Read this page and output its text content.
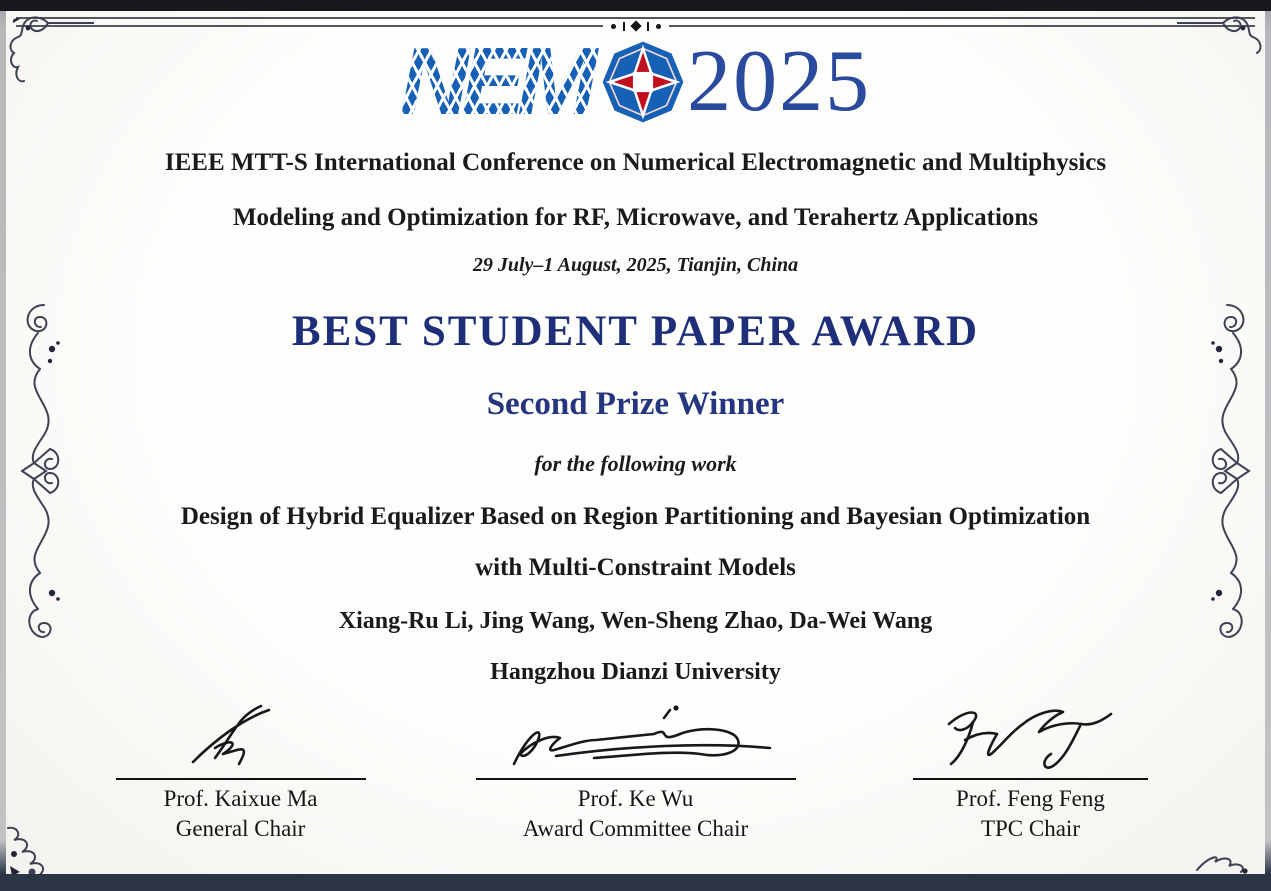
NEM 2025
IEEE MTT-S International Conference on Numerical Electromagnetic and Multiphysics
Modeling and Optimization for RF, Microwave, and Terahertz Applications
29 July–1 August, 2025, Tianjin, China
BEST STUDENT PAPER AWARD
Second Prize Winner
for the following work
Design of Hybrid Equalizer Based on Region Partitioning and Bayesian Optimization
with Multi-Constraint Models
Xiang-Ru Li, Jing Wang, Wen-Sheng Zhao, Da-Wei Wang
Hangzhou Dianzi University
Prof. Kaixue Ma
General Chair
Prof. Ke Wu
Award Committee Chair
Prof. Feng Feng
TPC Chair
